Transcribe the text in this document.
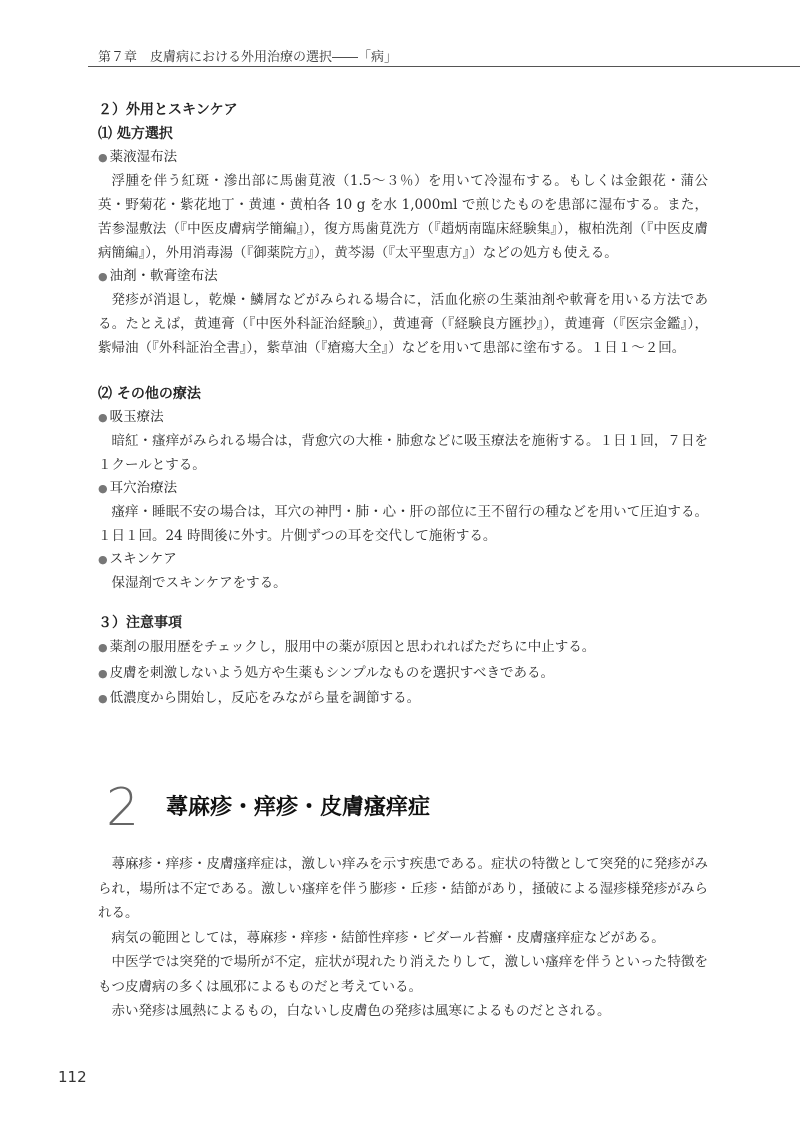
第７章　皮膚病における外用治療の選択――「病」
２）外用とスキンケア
⑴ 処方選択
● 薬液湿布法

浮腫を伴う紅斑・滲出部に馬歯莧液（1.5～３％）を用いて冷湿布する。もしくは金銀花・蒲公英・野菊花・紫花地丁・黄連・黄柏各 10 g を水 1,000ml で煎じたものを患部に湿布する。また，苦参湿敷法（『中医皮膚病学簡編』），復方馬歯莧洗方（『趙炳南臨床経験集』），椒柏洗剤（『中医皮膚病簡編』），外用消毒湯（『御薬院方』），黄芩湯（『太平聖恵方』）などの処方も使える。

● 油剤・軟膏塗布法

発疹が消退し，乾燥・鱗屑などがみられる場合に，活血化瘀の生薬油剤や軟膏を用いる方法である。たとえば，黄連膏（『中医外科証治経験』），黄連膏（『経験良方匯抄』），黄連膏（『医宗金鑑』），紫帰油（『外科証治全書』），紫草油（『瘡瘍大全』）などを用いて患部に塗布する。１日１～２回。

⑵ その他の療法
● 吸玉療法

暗紅・瘙痒がみられる場合は，背愈穴の大椎・肺愈などに吸玉療法を施術する。１日１回，７日を１クールとする。

● 耳穴治療法

瘙痒・睡眠不安の場合は，耳穴の神門・肺・心・肝の部位に王不留行の種などを用いて圧迫する。１日１回。24 時間後に外す。片側ずつの耳を交代して施術する。

● スキンケア

保湿剤でスキンケアをする。

３）注意事項
● 薬剤の服用歴をチェックし，服用中の薬が原因と思われればただちに中止する。
● 皮膚を刺激しないよう処方や生薬もシンプルなものを選択すべきである。
● 低濃度から開始し，反応をみながら量を調節する。
2 蕁麻疹・痒疹・皮膚瘙痒症

蕁麻疹・痒疹・皮膚瘙痒症は，激しい痒みを示す疾患である。症状の特徴として突発的に発疹がみられ，場所は不定である。激しい瘙痒を伴う膨疹・丘疹・結節があり，掻破による湿疹様発疹がみられる。

病気の範囲としては，蕁麻疹・痒疹・結節性痒疹・ビダール苔癬・皮膚瘙痒症などがある。

中医学では突発的で場所が不定，症状が現れたり消えたりして，激しい瘙痒を伴うといった特徴をもつ皮膚病の多くは風邪によるものだと考えている。

赤い発疹は風熱によるもの，白ないし皮膚色の発疹は風寒によるものだとされる。

112
